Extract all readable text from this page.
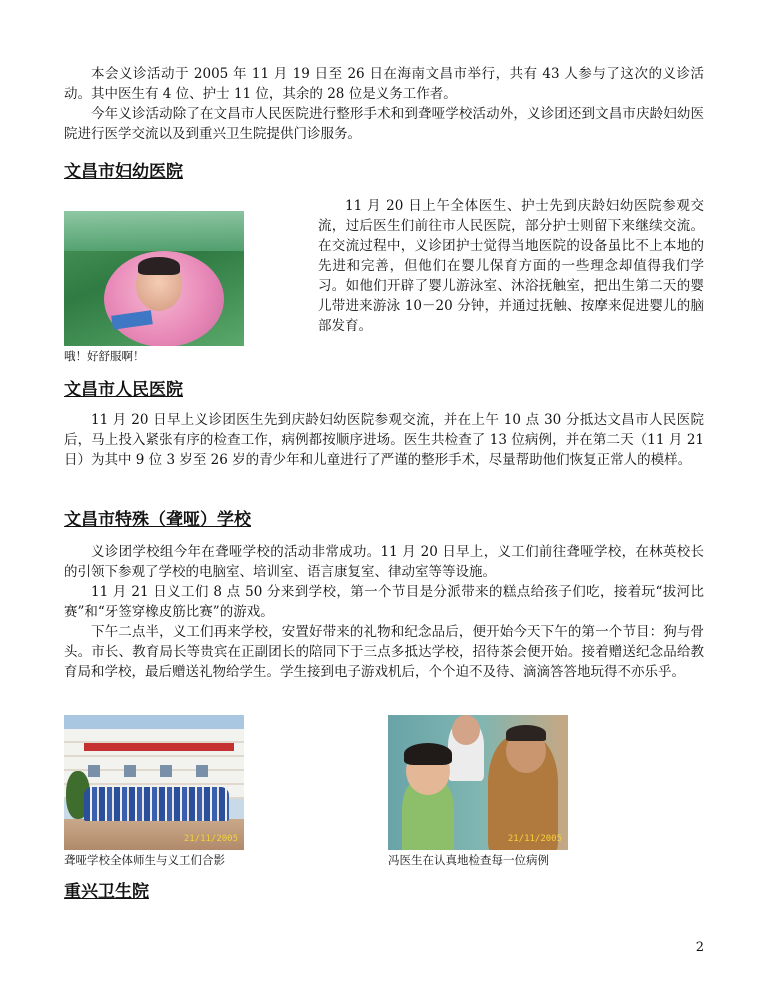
本会义诊活动于 2005 年 11 月 19 日至 26 日在海南文昌市举行，共有 43 人参与了这次的义诊活动。其中医生有 4 位、护士 11 位，其余的 28 位是义务工作者。

今年义诊活动除了在文昌市人民医院进行整形手术和到聋哑学校活动外，义诊团还到文昌市庆龄妇幼医院进行医学交流以及到重兴卫生院提供门诊服务。

文昌市妇幼医院

哦！好舒服啊！

11 月 20 日上午全体医生、护士先到庆龄妇幼医院参观交流，过后医生们前往市人民医院，部分护士则留下来继续交流。在交流过程中，义诊团护士觉得当地医院的设备虽比不上本地的先进和完善，但他们在婴儿保育方面的一些理念却值得我们学习。如他们开辟了婴儿游泳室、沐浴抚触室，把出生第二天的婴儿带进来游泳 10－20 分钟，并通过抚触、按摩来促进婴儿的脑部发育。

文昌市人民医院

11 月 20 日早上义诊团医生先到庆龄妇幼医院参观交流，并在上午 10 点 30 分抵达文昌市人民医院后，马上投入紧张有序的检查工作，病例都按顺序进场。医生共检查了 13 位病例，并在第二天（11 月 21 日）为其中 9 位 3 岁至 26 岁的青少年和儿童进行了严谨的整形手术，尽量帮助他们恢复正常人的模样。

文昌市特殊（聋哑）学校

义诊团学校组今年在聋哑学校的活动非常成功。11 月 20 日早上，义工们前往聋哑学校，在林英校长的引领下参观了学校的电脑室、培训室、语言康复室、律动室等等设施。

11 月 21 日义工们 8 点 50 分来到学校，第一个节目是分派带来的糕点给孩子们吃，接着玩“拔河比赛”和“牙签穿橡皮筋比赛”的游戏。

下午二点半，义工们再来学校，安置好带来的礼物和纪念品后，便开始今天下午的第一个节目：狗与骨头。市长、教育局长等贵宾在正副团长的陪同下于三点多抵达学校，招待茶会便开始。接着赠送纪念品给教育局和学校，最后赠送礼物给学生。学生接到电子游戏机后，个个迫不及待、滴滴答答地玩得不亦乐乎。

21/11/2005

聋哑学校全体师生与义工们合影

21/11/2005

冯医生在认真地检查每一位病例

重兴卫生院
2
